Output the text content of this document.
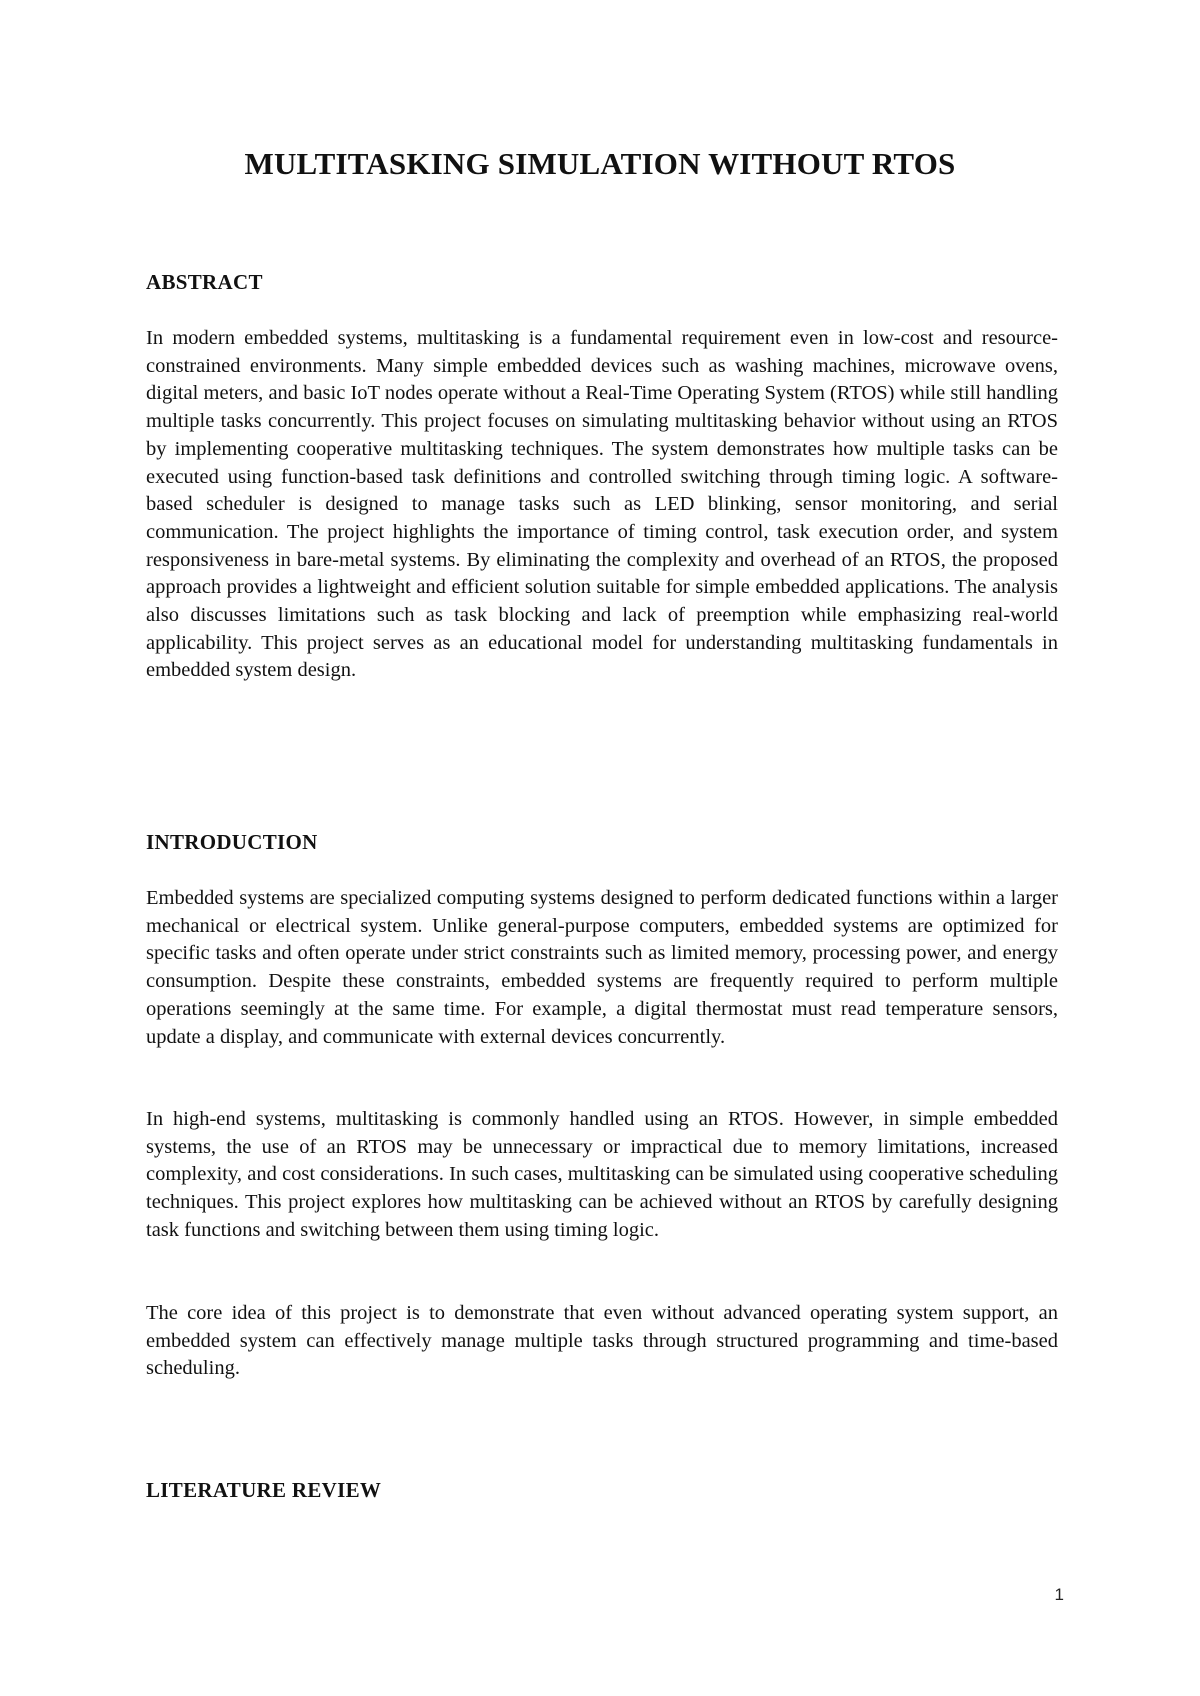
MULTITASKING SIMULATION WITHOUT RTOS
ABSTRACT

In modern embedded systems, multitasking is a fundamental requirement even in low-cost and resource-constrained environments. Many simple embedded devices such as washing machines, microwave ovens, digital meters, and basic IoT nodes operate without a Real-Time Operating System (RTOS) while still handling multiple tasks concurrently. This project focuses on simulating multitasking behavior without using an RTOS by implementing cooperative multitasking techniques. The system demonstrates how multiple tasks can be executed using function-based task definitions and controlled switching through timing logic. A software-based scheduler is designed to manage tasks such as LED blinking, sensor monitoring, and serial communication. The project highlights the importance of timing control, task execution order, and system responsiveness in bare-metal systems. By eliminating the complexity and overhead of an RTOS, the proposed approach provides a lightweight and efficient solution suitable for simple embedded applications. The analysis also discusses limitations such as task blocking and lack of preemption while emphasizing real-world applicability. This project serves as an educational model for understanding multitasking fundamentals in embedded system design.

INTRODUCTION

Embedded systems are specialized computing systems designed to perform dedicated functions within a larger mechanical or electrical system. Unlike general-purpose computers, embedded systems are optimized for specific tasks and often operate under strict constraints such as limited memory, processing power, and energy consumption. Despite these constraints, embedded systems are frequently required to perform multiple operations seemingly at the same time. For example, a digital thermostat must read temperature sensors, update a display, and communicate with external devices concurrently.

In high-end systems, multitasking is commonly handled using an RTOS. However, in simple embedded systems, the use of an RTOS may be unnecessary or impractical due to memory limitations, increased complexity, and cost considerations. In such cases, multitasking can be simulated using cooperative scheduling techniques. This project explores how multitasking can be achieved without an RTOS by carefully designing task functions and switching between them using timing logic.

The core idea of this project is to demonstrate that even without advanced operating system support, an embedded system can effectively manage multiple tasks through structured programming and time-based scheduling.

LITERATURE REVIEW
1
